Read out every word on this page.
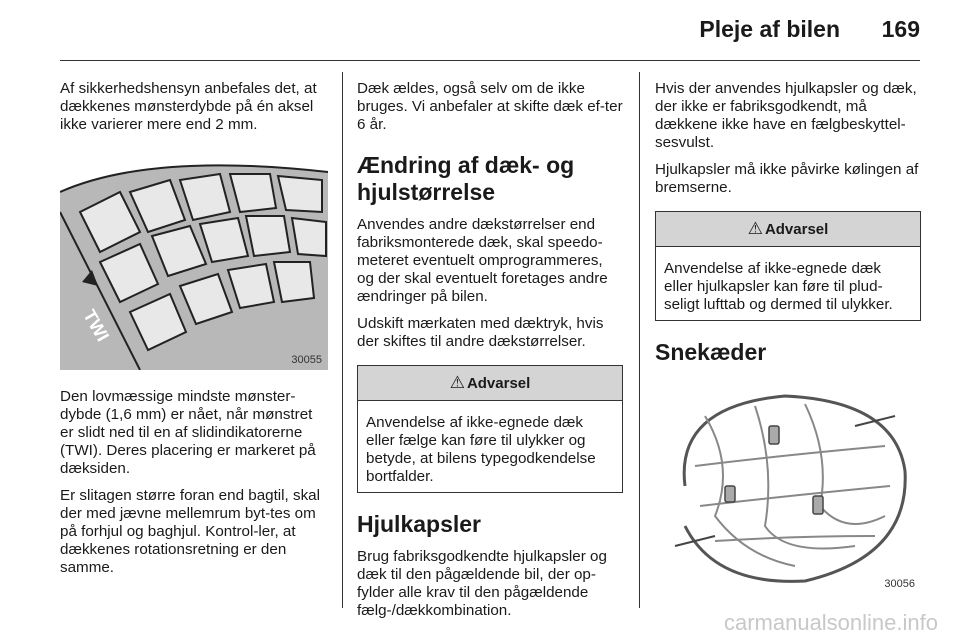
Pleje af bilen 169

Af sikkerhedshensyn anbefales det, at dækkenes mønsterdybde på én aksel ikke varierer mere end 2 mm.

TWI
30055

Den lovmæssige mindste mønster-dybde (1,6 mm) er nået, når mønstret er slidt ned til en af slidindikatorerne (TWI). Deres placering er markeret på dæksiden.

Er slitagen større foran end bagtil, skal der med jævne mellemrum byt-tes om på forhjul og baghjul. Kontrol-ler, at dækkenes rotationsretning er den samme.

Dæk ældes, også selv om de ikke bruges. Vi anbefaler at skifte dæk ef-ter 6 år.

Ændring af dæk- og hjulstørrelse

Anvendes andre dækstørrelser end fabriksmonterede dæk, skal speedo-meteret eventuelt omprogrammeres, og der skal eventuelt foretages andre ændringer på bilen.

Udskift mærkaten med dæktryk, hvis der skiftes til andre dækstørrelser.

⚠ Advarsel
Anvendelse af ikke-egnede dæk eller fælge kan føre til ulykker og betyde, at bilens typegodkendelse bortfalder.
Hjulkapsler

Brug fabriksgodkendte hjulkapsler og dæk til den pågældende bil, der op-fylder alle krav til den pågældende fælg-/dækkombination.

Hvis der anvendes hjulkapsler og dæk, der ikke er fabriksgodkendt, må dækkene ikke have en fælgbeskyttel-sesvulst.

Hjulkapsler må ikke påvirke kølingen af bremserne.

⚠ Advarsel
Anvendelse af ikke-egnede dæk eller hjulkapsler kan føre til plud-seligt lufttab og dermed til ulykker.
Snekæder
30056
carmanualsonline.info
